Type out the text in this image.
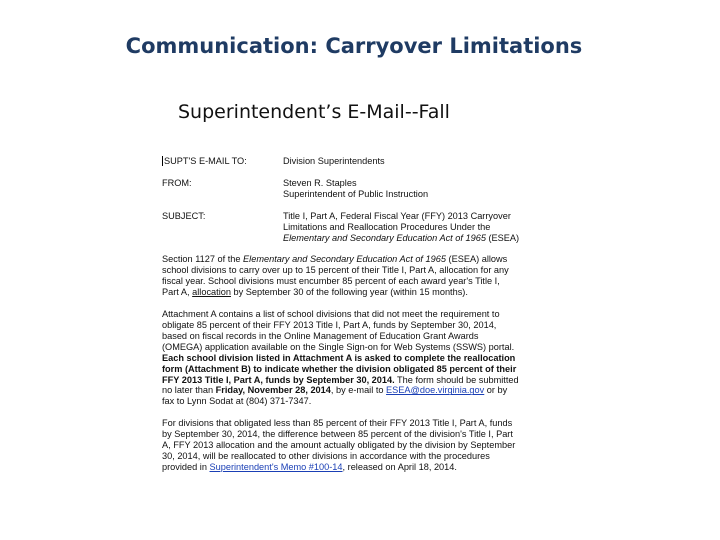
Communication: Carryover Limitations
Superintendent’s E-Mail--Fall
SUPT'S E-MAIL TO:	Division Superintendents
FROM:	Steven R. Staples
Superintendent of Public Instruction
SUBJECT:	Title I, Part A, Federal Fiscal Year (FFY) 2013 Carryover
Limitations and Reallocation Procedures Under the
Elementary and Secondary Education Act of 1965 (ESEA)
Section 1127 of the Elementary and Secondary Education Act of 1965 (ESEA) allows
school divisions to carry over up to 15 percent of their Title I, Part A, allocation for any
fiscal year. School divisions must encumber 85 percent of each award year's Title I,
Part A, allocation by September 30 of the following year (within 15 months).
Attachment A contains a list of school divisions that did not meet the requirement to
obligate 85 percent of their FFY 2013 Title I, Part A, funds by September 30, 2014,
based on fiscal records in the Online Management of Education Grant Awards
(OMEGA) application available on the Single Sign-on for Web Systems (SSWS) portal.
Each school division listed in Attachment A is asked to complete the reallocation
form (Attachment B) to indicate whether the division obligated 85 percent of their
FFY 2013 Title I, Part A, funds by September 30, 2014. The form should be submitted
no later than Friday, November 28, 2014, by e-mail to ESEA@doe.virginia.gov or by
fax to Lynn Sodat at (804) 371-7347.
For divisions that obligated less than 85 percent of their FFY 2013 Title I, Part A, funds
by September 30, 2014, the difference between 85 percent of the division's Title I, Part
A, FFY 2013 allocation and the amount actually obligated by the division by September
30, 2014, will be reallocated to other divisions in accordance with the procedures
provided in Superintendent's Memo #100-14, released on April 18, 2014.
